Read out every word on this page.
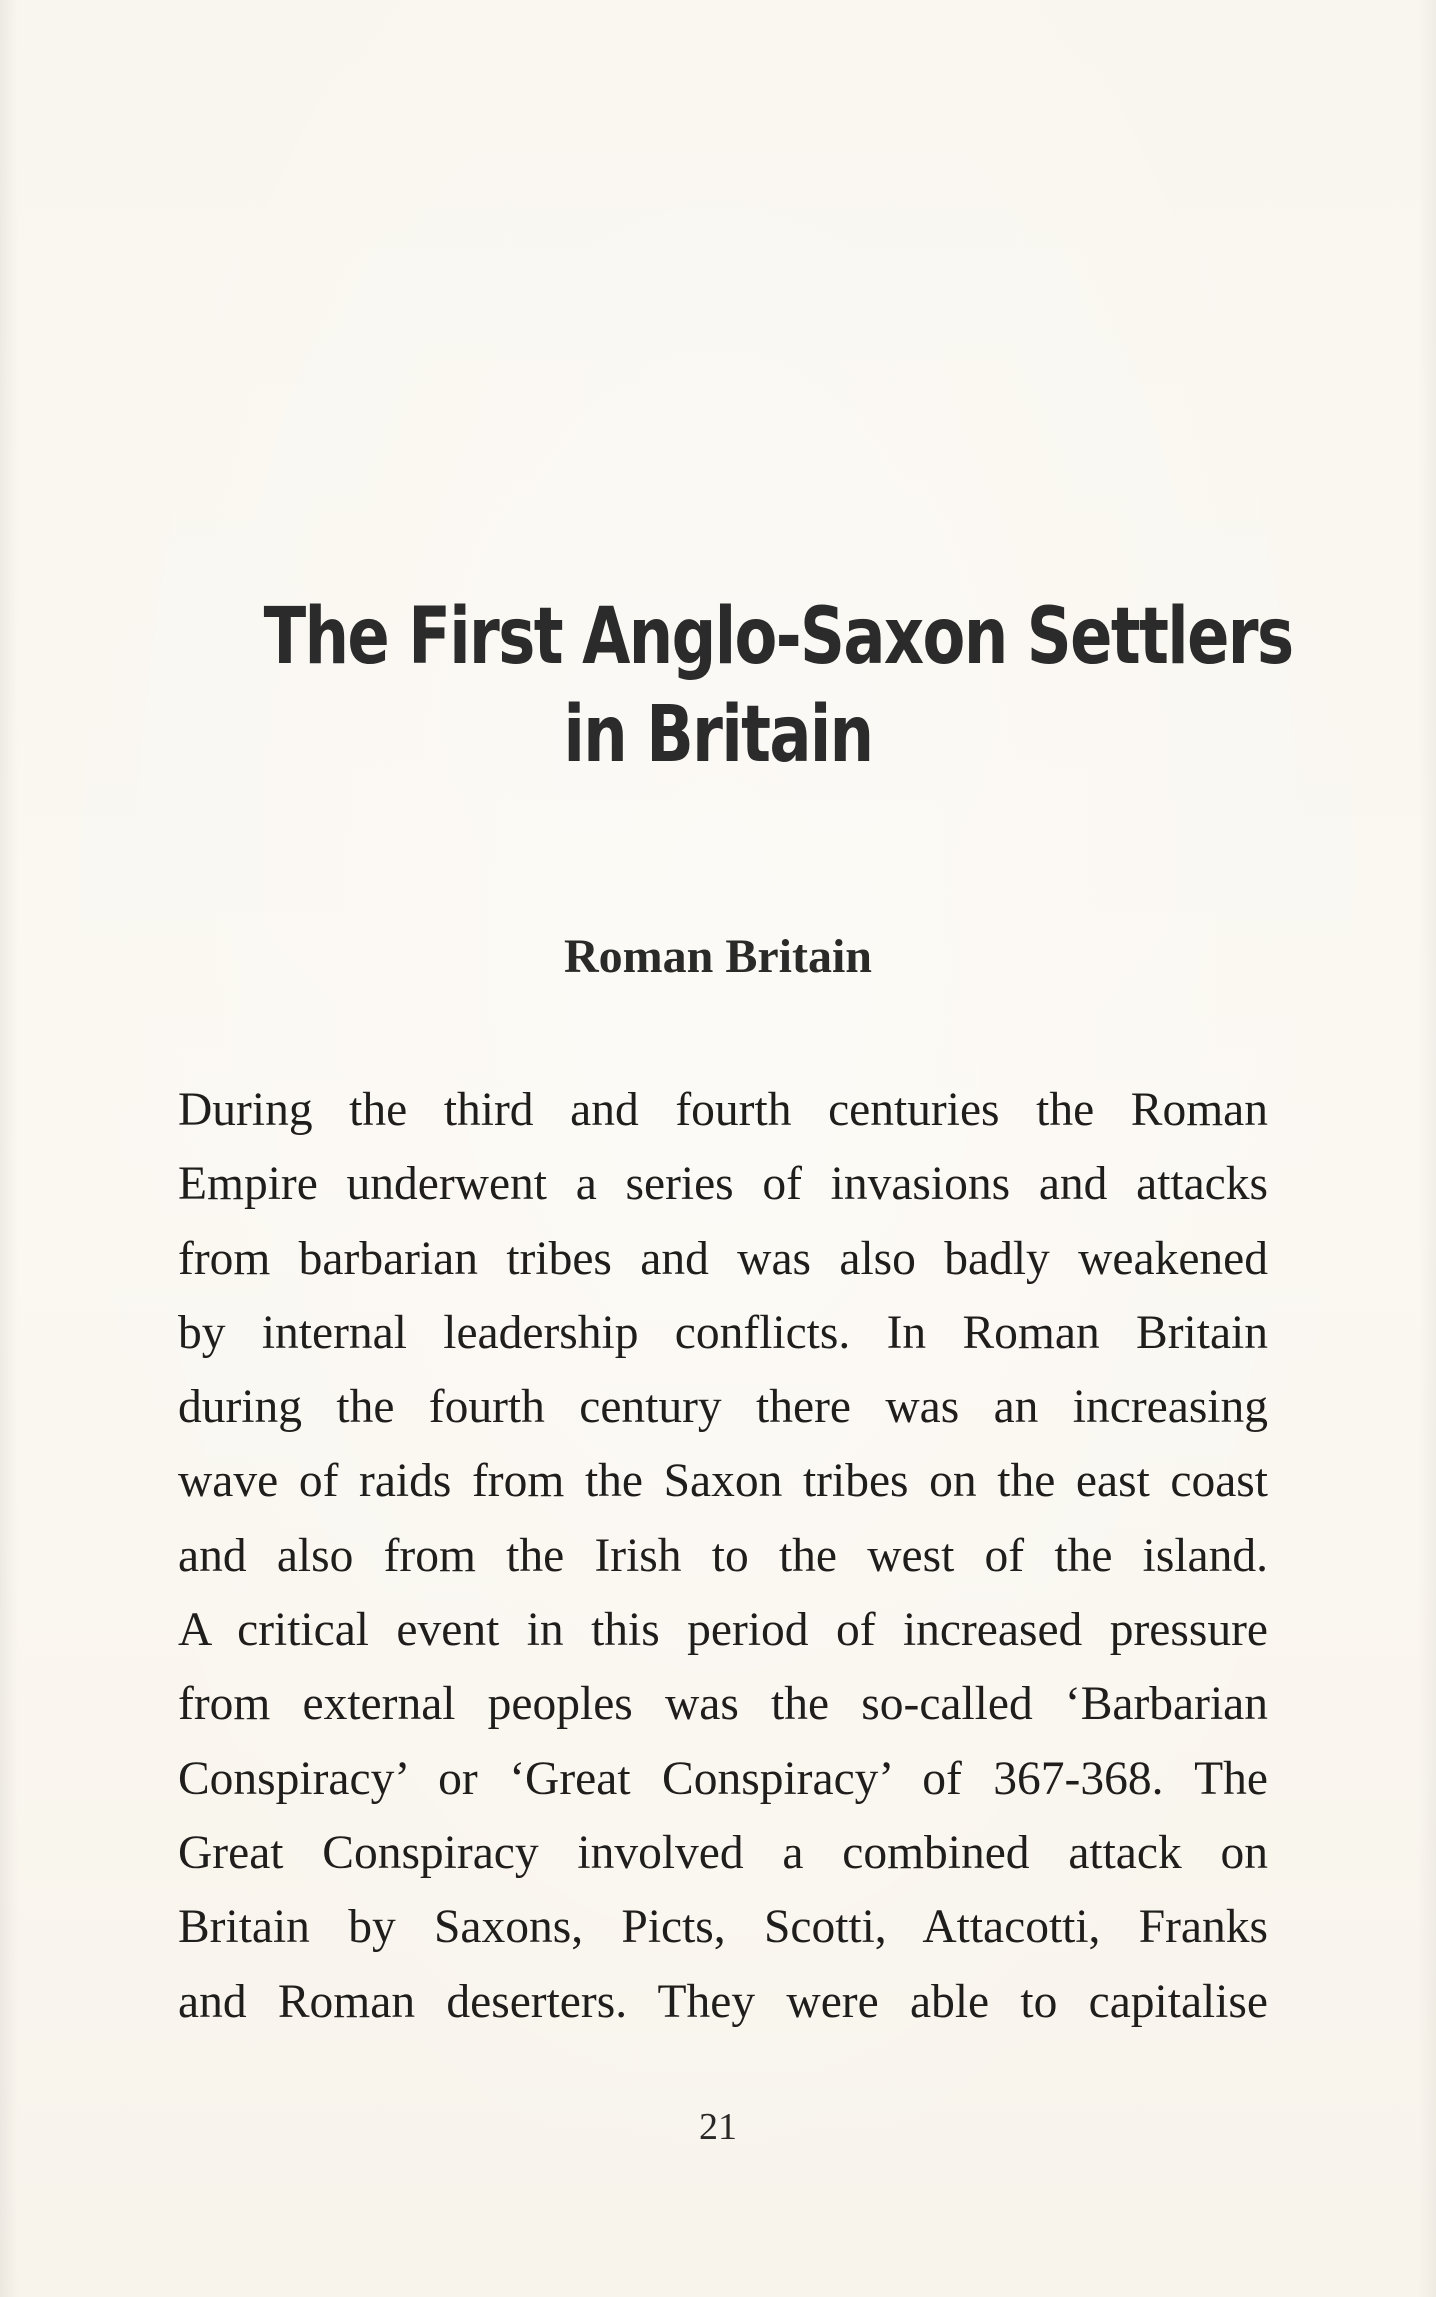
The First Anglo-Saxon Settlers
in Britain
Roman Britain
During the third and fourth centuries the Roman
Empire underwent a series of invasions and attacks
from barbarian tribes and was also badly weakened
by internal leadership conflicts. In Roman Britain
during the fourth century there was an increasing
wave of raids from the Saxon tribes on the east coast
and also from the Irish to the west of the island.
A critical event in this period of increased pressure
from external peoples was the so-called ‘Barbarian
Conspiracy’ or ‘Great Conspiracy’ of 367-368. The
Great Conspiracy involved a combined attack on
Britain by Saxons, Picts, Scotti, Attacotti, Franks
and Roman deserters. They were able to capitalise
21
